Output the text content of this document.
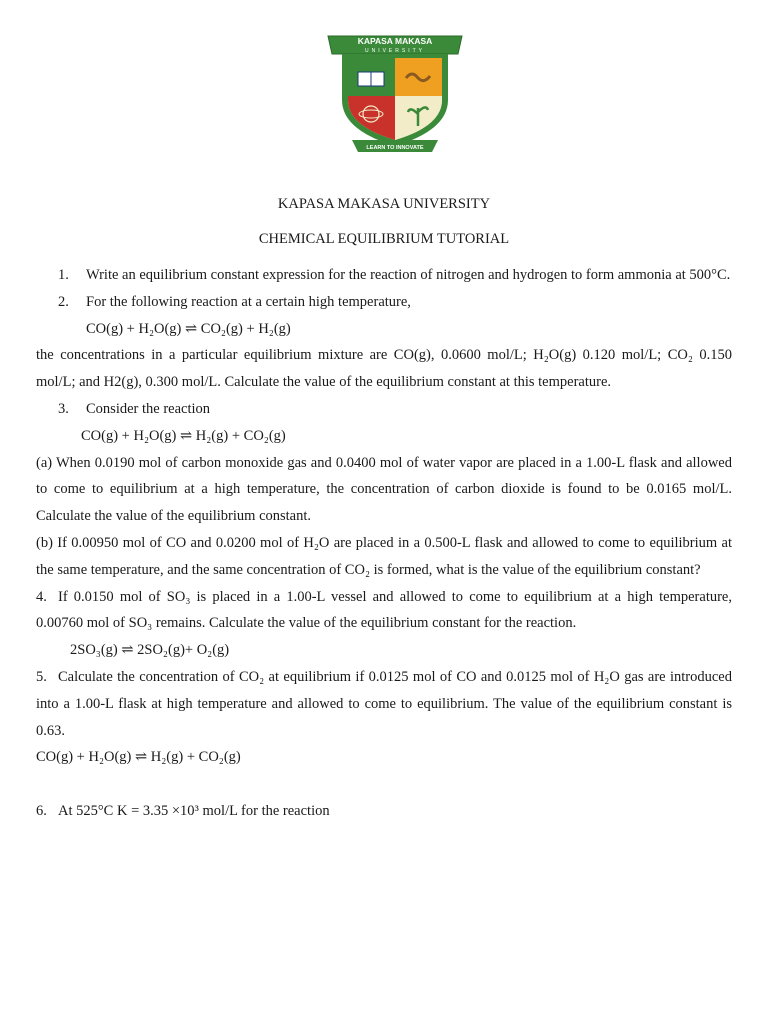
KAPASA MAKASA
UNIVERSITY
LEARN TO INNOVATE
KAPASA MAKASA UNIVERSITY
CHEMICAL EQUILIBRIUM TUTORIAL

1. Write an equilibrium constant expression for the reaction of nitrogen and hydrogen to form ammonia at 500°C.

2. For the following reaction at a certain high temperature,

CO(g) + H₂O(g) ⇌ CO₂(g) + H₂(g)

the concentrations in a particular equilibrium mixture are CO(g), 0.0600 mol/L; H₂O(g) 0.120 mol/L; CO₂ 0.150 mol/L; and H2(g), 0.300 mol/L. Calculate the value of the equilibrium constant at this temperature.

3. Consider the reaction

CO(g) + H₂O(g) ⇌ H₂(g) + CO₂(g)

(a) When 0.0190 mol of carbon monoxide gas and 0.0400 mol of water vapor are placed in a 1.00-L flask and allowed to come to equilibrium at a high temperature, the concentration of carbon dioxide is found to be 0.0165 mol/L. Calculate the value of the equilibrium constant.

(b) If 0.00950 mol of CO and 0.0200 mol of H₂O are placed in a 0.500-L flask and allowed to come to equilibrium at the same temperature, and the same concentration of CO₂ is formed, what is the value of the equilibrium constant?

4. If 0.0150 mol of SO₃ is placed in a 1.00-L vessel and allowed to come to equilibrium at a high temperature, 0.00760 mol of SO₃ remains. Calculate the value of the equilibrium constant for the reaction.

2SO₃(g) ⇌ 2SO₂(g)+ O₂(g)

5. Calculate the concentration of CO₂ at equilibrium if 0.0125 mol of CO and 0.0125 mol of H₂O gas are introduced into a 1.00-L flask at high temperature and allowed to come to equilibrium. The value of the equilibrium constant is 0.63.

CO(g) + H₂O(g) ⇌ H₂(g) + CO₂(g)

6. At 525°C K = 3.35 ×10³ mol/L for the reaction
